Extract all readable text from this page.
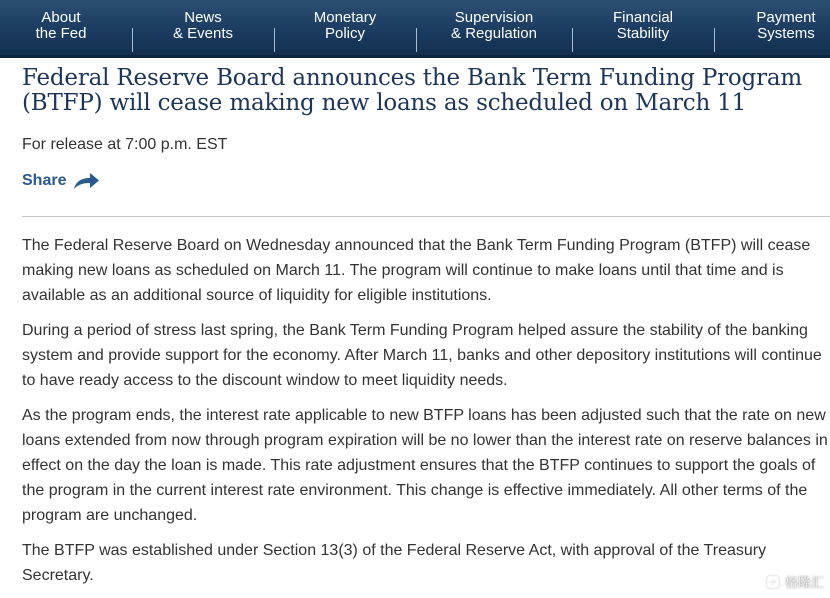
About
the Fed
News
& Events
Monetary
Policy
Supervision
& Regulation
Financial
Stability
Payment
Systems
Federal Reserve Board announces the Bank Term Funding Program (BTFP) will cease making new loans as scheduled on March 11
For release at 7:00 p.m. EST
Share

The Federal Reserve Board on Wednesday announced that the Bank Term Funding Program (BTFP) will cease making new loans as scheduled on March 11. The program will continue to make loans until that time and is available as an additional source of liquidity for eligible institutions.

During a period of stress last spring, the Bank Term Funding Program helped assure the stability of the banking system and provide support for the economy. After March 11, banks and other depository institutions will continue to have ready access to the discount window to meet liquidity needs.

As the program ends, the interest rate applicable to new BTFP loans has been adjusted such that the rate on new loans extended from now through program expiration will be no lower than the interest rate on reserve balances in effect on the day the loan is made. This rate adjustment ensures that the BTFP continues to support the goals of the program in the current interest rate environment. This change is effective immediately. All other terms of the program are unchanged.

The BTFP was established under Section 13(3) of the Federal Reserve Act, with approval of the Treasury Secretary.	格隆汇
